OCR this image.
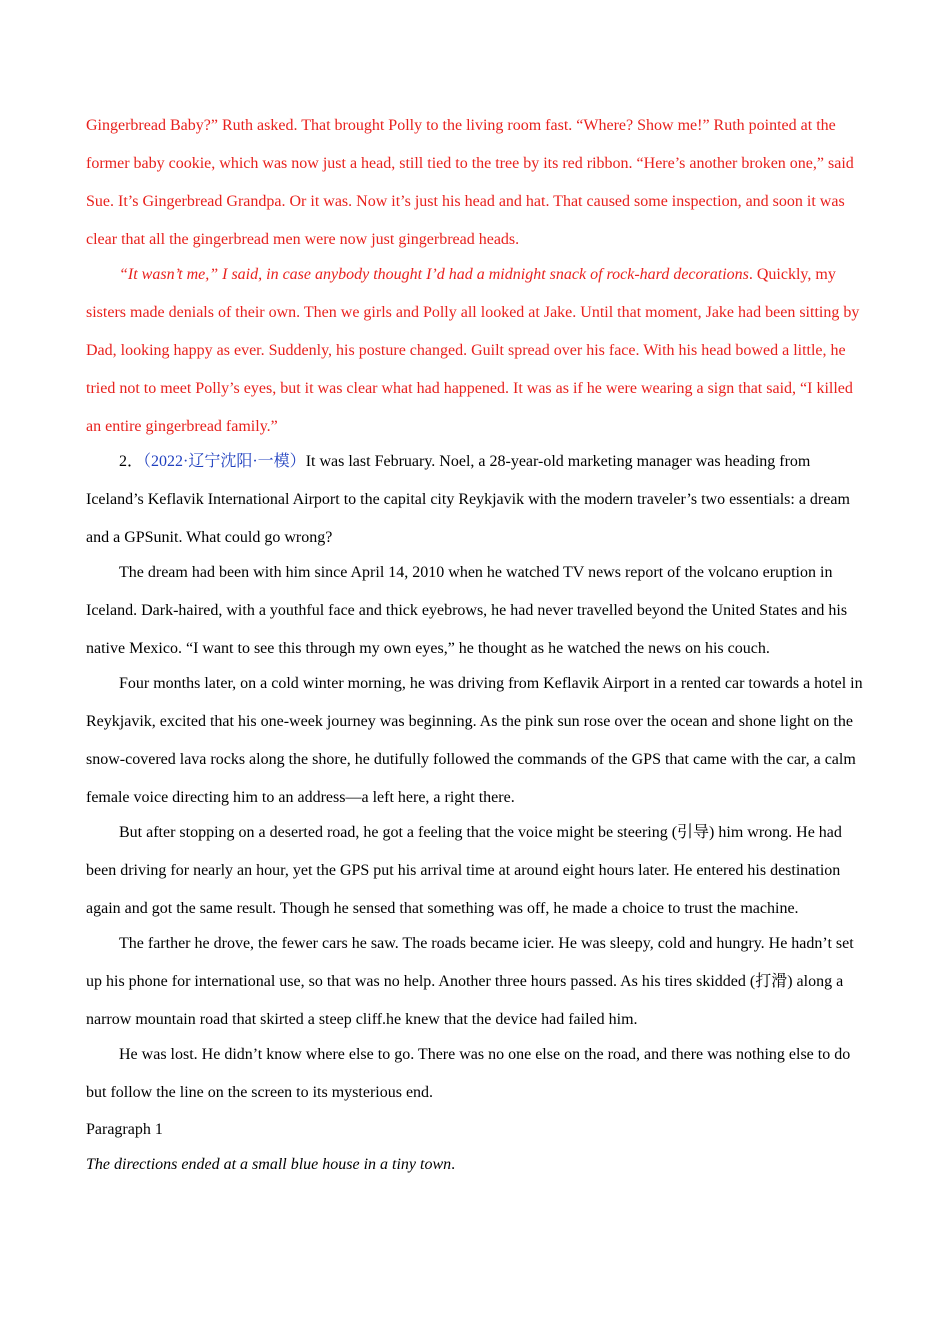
Gingerbread Baby?” Ruth asked. That brought Polly to the living room fast. “Where? Show me!” Ruth pointed at the former baby cookie, which was now just a head, still tied to the tree by its red ribbon. “Here’s another broken one,” said Sue. It’s Gingerbread Grandpa. Or it was. Now it’s just his head and hat. That caused some inspection, and soon it was clear that all the gingerbread men were now just gingerbread heads.

“It wasn’t me,” I said, in case anybody thought I’d had a midnight snack of rock-hard decorations. Quickly, my sisters made denials of their own. Then we girls and Polly all looked at Jake. Until that moment, Jake had been sitting by Dad, looking happy as ever. Suddenly, his posture changed. Guilt spread over his face. With his head bowed a little, he tried not to meet Polly’s eyes, but it was clear what had happened. It was as if he were wearing a sign that said, “I killed an entire gingerbread family.”

2．（2022·辽宁沈阳·一模）It was last February. Noel, a 28-year-old marketing manager was heading from Iceland’s Keflavik International Airport to the capital city Reykjavik with the modern traveler’s two essentials: a dream and a GPSunit. What could go wrong?

The dream had been with him since April 14, 2010 when he watched TV news report of the volcano eruption in Iceland. Dark-haired, with a youthful face and thick eyebrows, he had never travelled beyond the United States and his native Mexico. “I want to see this through my own eyes,” he thought as he watched the news on his couch.

Four months later, on a cold winter morning, he was driving from Keflavik Airport in a rented car towards a hotel in Reykjavik, excited that his one-week journey was beginning. As the pink sun rose over the ocean and shone light on the snow-covered lava rocks along the shore, he dutifully followed the commands of the GPS that came with the car, a calm female voice directing him to an address—a left here, a right there.

But after stopping on a deserted road, he got a feeling that the voice might be steering (引导) him wrong. He had been driving for nearly an hour, yet the GPS put his arrival time at around eight hours later. He entered his destination again and got the same result. Though he sensed that something was off, he made a choice to trust the machine.

The farther he drove, the fewer cars he saw. The roads became icier. He was sleepy, cold and hungry. He hadn’t set up his phone for international use, so that was no help. Another three hours passed. As his tires skidded (打滑) along a narrow mountain road that skirted a steep cliff.he knew that the device had failed him.

He was lost. He didn’t know where else to go. There was no one else on the road, and there was nothing else to do but follow the line on the screen to its mysterious end.

Paragraph 1

The directions ended at a small blue house in a tiny town.
